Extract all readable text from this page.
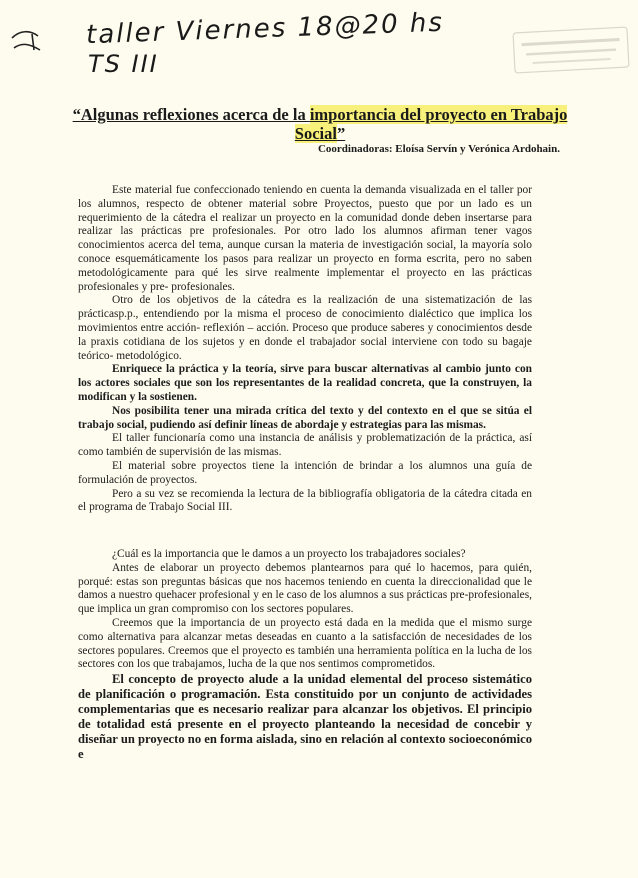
taller Viernes 18@20 hs
TS III
“Algunas reflexiones acerca de la importancia del proyecto en Trabajo Social”
Coordinadoras: Eloísa Servín y Verónica Ardohain.

Este material fue confeccionado teniendo en cuenta la demanda visualizada en el taller por los alumnos, respecto de obtener material sobre Proyectos, puesto que por un lado es un requerimiento de la cátedra el realizar un proyecto en la comunidad donde deben insertarse para realizar las prácticas pre profesionales. Por otro lado los alumnos afirman tener vagos conocimientos acerca del tema, aunque cursan la materia de investigación social, la mayoría solo conoce esquemáticamente los pasos para realizar un proyecto en forma escrita, pero no saben metodológicamente para qué les sirve realmente implementar el proyecto en las prácticas profesionales y pre- profesionales.

Otro de los objetivos de la cátedra es la realización de una sistematización de las prácticasp.p., entendiendo por la misma el proceso de conocimiento dialéctico que implica los movimientos entre acción- reflexión – acción. Proceso que produce saberes y conocimientos desde la praxis cotidiana de los sujetos y en donde el trabajador social interviene con todo su bagaje teórico- metodológico.

Enriquece la práctica y la teoría, sirve para buscar alternativas al cambio junto con los actores sociales que son los representantes de la realidad concreta, que la construyen, la modifican y la sostienen.

Nos posibilita tener una mirada crítica del texto y del contexto en el que se sitúa el trabajo social, pudiendo así definir líneas de abordaje y estrategias para las mismas.

El taller funcionaría como una instancia de análisis y problematización de la práctica, así como también de supervisión de las mismas.

El material sobre proyectos tiene la intención de brindar a los alumnos una guía de formulación de proyectos.

Pero a su vez se recomienda la lectura de la bibliografía obligatoria de la cátedra citada en el programa de Trabajo Social III.

¿Cuál es la importancia que le damos a un proyecto los trabajadores sociales?

Antes de elaborar un proyecto debemos plantearnos para qué lo hacemos, para quién, porqué: estas son preguntas básicas que nos hacemos teniendo en cuenta la direccionalidad que le damos a nuestro quehacer profesional y en le caso de los alumnos a sus prácticas pre-profesionales, que implica un gran compromiso con los sectores populares.

Creemos que la importancia de un proyecto está dada en la medida que el mismo surge como alternativa para alcanzar metas deseadas en cuanto a la satisfacción de necesidades de los sectores populares. Creemos que el proyecto es también una herramienta política en la lucha de los sectores con los que trabajamos, lucha de la que nos sentimos comprometidos.

El concepto de proyecto alude a la unidad elemental del proceso sistemático de planificación o programación. Esta constituido por un conjunto de actividades complementarias que es necesario realizar para alcanzar los objetivos. El principio de totalidad está presente en el proyecto planteando la necesidad de concebir y diseñar un proyecto no en forma aislada, sino en relación al contexto socioeconómico e
